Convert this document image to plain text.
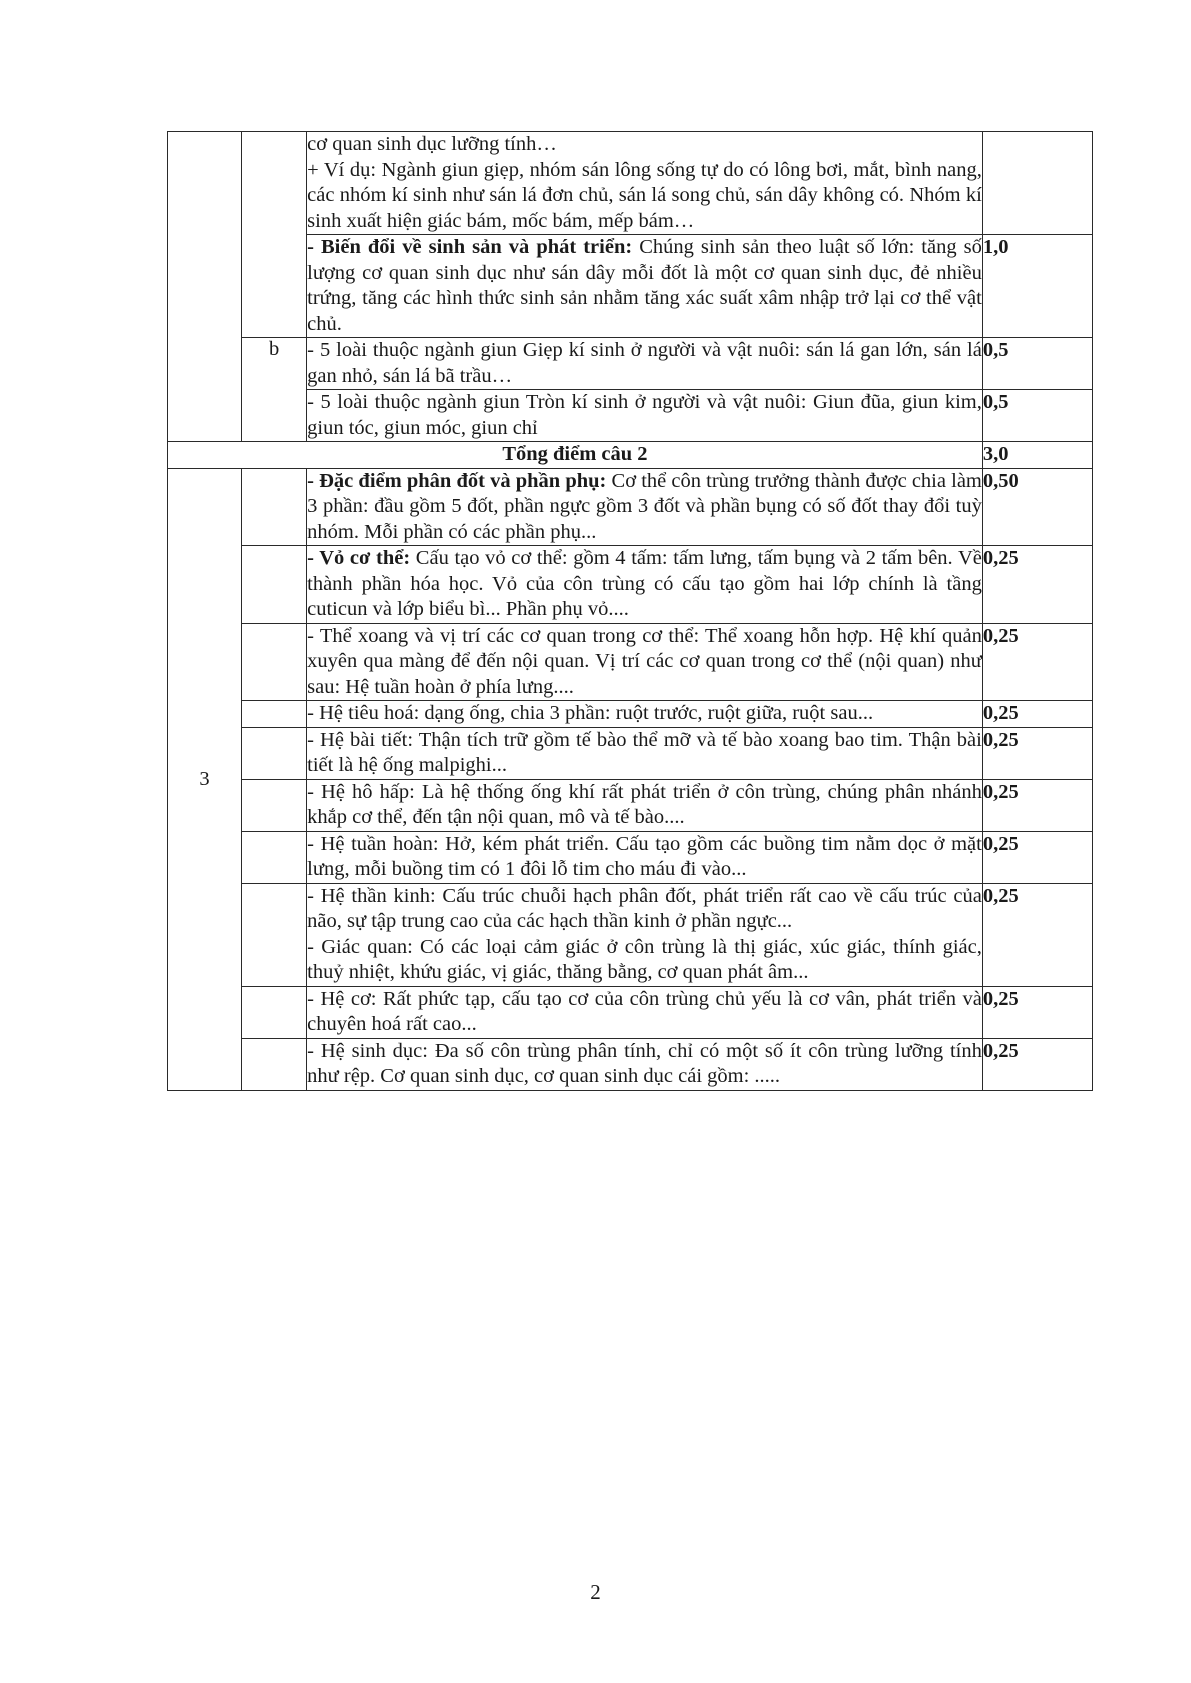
		cơ quan sinh dục lưỡng tính…

+ Ví dụ: Ngành giun giẹp, nhóm sán lông sống tự do có lông bơi, mắt, bình nang, các nhóm kí sinh như sán lá đơn chủ, sán lá song chủ, sán dây không có. Nhóm kí sinh xuất hiện giác bám, mốc bám, mếp bám…	

		- Biến đổi về sinh sản và phát triển: Chúng sinh sản theo luật số lớn: tăng số lượng cơ quan sinh dục như sán dây mỗi đốt là một cơ quan sinh dục, đẻ nhiều trứng, tăng các hình thức sinh sản nhằm tăng xác suất xâm nhập trở lại cơ thể vật chủ.	1,0
	b	- 5 loài thuộc ngành giun Giẹp kí sinh ở người và vật nuôi: sán lá gan lớn, sán lá gan nhỏ, sán lá bã trầu…	0,5
		- 5 loài thuộc ngành giun Tròn kí sinh ở người và vật nuôi: Giun đũa, giun kim, giun tóc, giun móc, giun chỉ	0,5
Tổng điểm câu 2			3,0
3		- Đặc điểm phân đốt và phần phụ: Cơ thể côn trùng trưởng thành được chia làm 3 phần: đầu gồm 5 đốt, phần ngực gồm 3 đốt và phần bụng có số đốt thay đổi tuỳ nhóm. Mỗi phần có các phần phụ...	0,50

		- Vỏ cơ thể: Cấu tạo vỏ cơ thể: gồm 4 tấm: tấm lưng, tấm bụng và 2 tấm bên. Về thành phần hóa học. Vỏ của côn trùng có cấu tạo gồm hai lớp chính là tầng cuticun và lớp biểu bì... Phần phụ vỏ....	0,25

		- Thể xoang và vị trí các cơ quan trong cơ thể: Thể xoang hỗn hợp. Hệ khí quản xuyên qua màng để đến nội quan. Vị trí các cơ quan trong cơ thể (nội quan) như sau: Hệ tuần hoàn ở phía lưng....	0,25

		- Hệ tiêu hoá: dạng ống, chia 3 phần: ruột trước, ruột giữa, ruột sau...	0,25

		- Hệ bài tiết: Thận tích trữ gồm tế bào thể mỡ và tế bào xoang bao tim. Thận bài tiết là hệ ống malpighi...	0,25

		- Hệ hô hấp: Là hệ thống ống khí rất phát triển ở côn trùng, chúng phân nhánh khắp cơ thể, đến tận nội quan, mô và tế bào....	0,25

		- Hệ tuần hoàn: Hở, kém phát triển. Cấu tạo gồm các buồng tim nằm dọc ở mặt lưng, mỗi buồng tim có 1 đôi lỗ tim cho máu đi vào...	0,25

		- Hệ thần kinh: Cấu trúc chuỗi hạch phân đốt, phát triển rất cao về cấu trúc của não, sự tập trung cao của các hạch thần kinh ở phần ngực...

- Giác quan: Có các loại cảm giác ở côn trùng là thị giác, xúc giác, thính giác, thuỷ nhiệt, khứu giác, vị giác, thăng bằng, cơ quan phát âm...	0,25

		- Hệ cơ: Rất phức tạp, cấu tạo cơ của côn trùng chủ yếu là cơ vân, phát triển và chuyên hoá rất cao...	0,25

		- Hệ sinh dục: Đa số côn trùng phân tính, chỉ có một số ít côn trùng lưỡng tính như rệp. Cơ quan sinh dục, cơ quan sinh dục cái gồm: .....	0,25
2
